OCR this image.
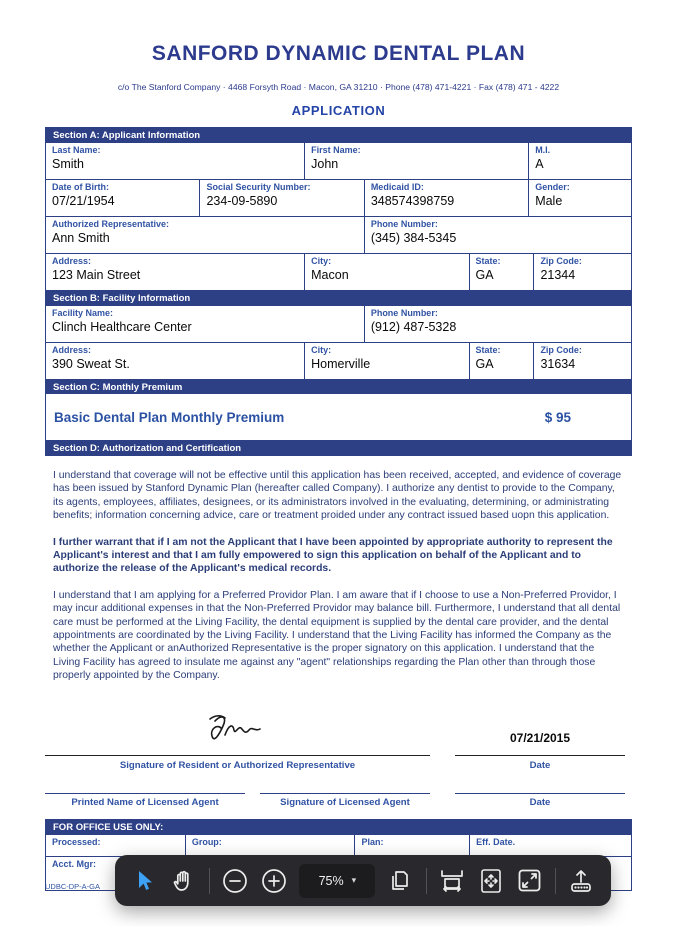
SANFORD DYNAMIC DENTAL PLAN
c/o The Stanford Company · 4468 Forsyth Road · Macon, GA 31210 · Phone (478) 471-4221 · Fax (478) 471 - 4222
APPLICATION
Section A: Applicant Information
Last Name:
Smith
First Name:
John
M.I.
A
Date of Birth:
07/21/1954
Social Security Number:
234-09-5890
Medicaid ID:
348574398759
Gender:
Male
Authorized Representative:
Ann Smith
Phone Number:
(345) 384-5345
Address:
123 Main Street
City:
Macon
State:
GA
Zip Code:
21344
Section B: Facility Information
Facility Name:
Clinch Healthcare Center
Phone Number:
(912) 487-5328
Address:
390 Sweat St.
City:
Homerville
State:
GA
Zip Code:
31634
Section C: Monthly Premium
Basic Dental Plan Monthly Premium	$ 95
Section D: Authorization and Certification
I understand that coverage will not be effective until this application has been received, accepted, and evidence of coverage has been issued by Stanford Dynamic Plan (hereafter called Company). I authorize any dentist to provide to the Company, its agents, employees, affiliates, designees, or its administrators involved in the evaluating, determining, or administrating benefits; information concerning advice, care or treatment proided under any contract issued based uopn this application.
I further warrant that if I am not the Applicant that I have been appointed by appropriate authority to represent the Applicant's interest and that I am fully empowered to sign this application on behalf of the Applicant and to authorize the release of the Applicant's medical records.
I understand that I am applying for a Preferred Providor Plan. I am aware that if I choose to use a Non-Preferred Providor, I may incur additional expenses in that the Non-Preferred Providor may balance bill. Furthermore, I understand that all dental care must be performed at the Living Facility, the dental equipment is supplied by the dental care provider, and the dental appointments are coordinated by the Living Facility. I understand that the Living Facility has informed the Company as the whether the Applicant or anAuthorized Representative is the proper signatory on this application. I understand that the Living Facility has agreed to insulate me against any "agent" relationships regarding the Plan other than through those properly appointed by the Company.
07/21/2015
Signature of Resident or Authorized Representative	Date
Printed Name of Licensed Agent	Signature of Licensed Agent	Date
FOR OFFICE USE ONLY:
Processed:	Group:	Plan:	Eff. Date.
Acct. Mgr:
UDBC-DP-A-GA	75% ▾
